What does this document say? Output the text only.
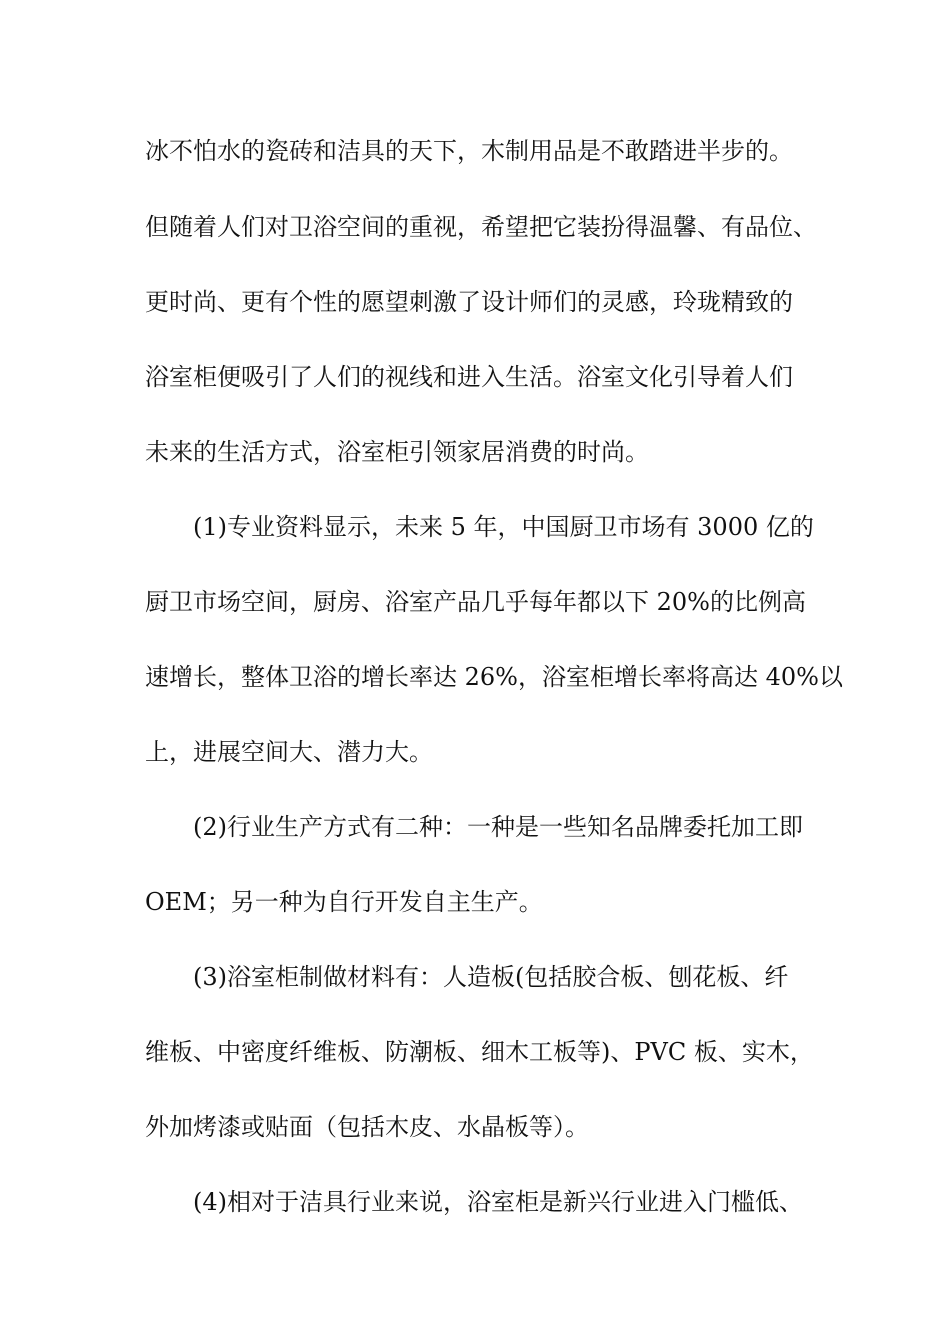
冰不怕水的瓷砖和洁具的天下，木制用品是不敢踏进半步的。
但随着人们对卫浴空间的重视，希望把它装扮得温馨、有品位、
更时尚、更有个性的愿望刺激了设计师们的灵感，玲珑精致的
浴室柜便吸引了人们的视线和进入生活。浴室文化引导着人们
未来的生活方式，浴室柜引领家居消费的时尚。
(1)专业资料显示，未来 5 年，中国厨卫市场有 3000 亿的
厨卫市场空间，厨房、浴室产品几乎每年都以下 20%的比例高
速增长，整体卫浴的增长率达 26%，浴室柜增长率将高达 40%以
上，进展空间大、潜力大。
(2)行业生产方式有二种：一种是一些知名品牌委托加工即
OEM；另一种为自行开发自主生产。
(3)浴室柜制做材料有：人造板(包括胶合板、刨花板、纤
维板、中密度纤维板、防潮板、细木工板等)、PVC 板、实木，
外加烤漆或贴面（包括木皮、水晶板等）。
(4)相对于洁具行业来说，浴室柜是新兴行业进入门槛低、
